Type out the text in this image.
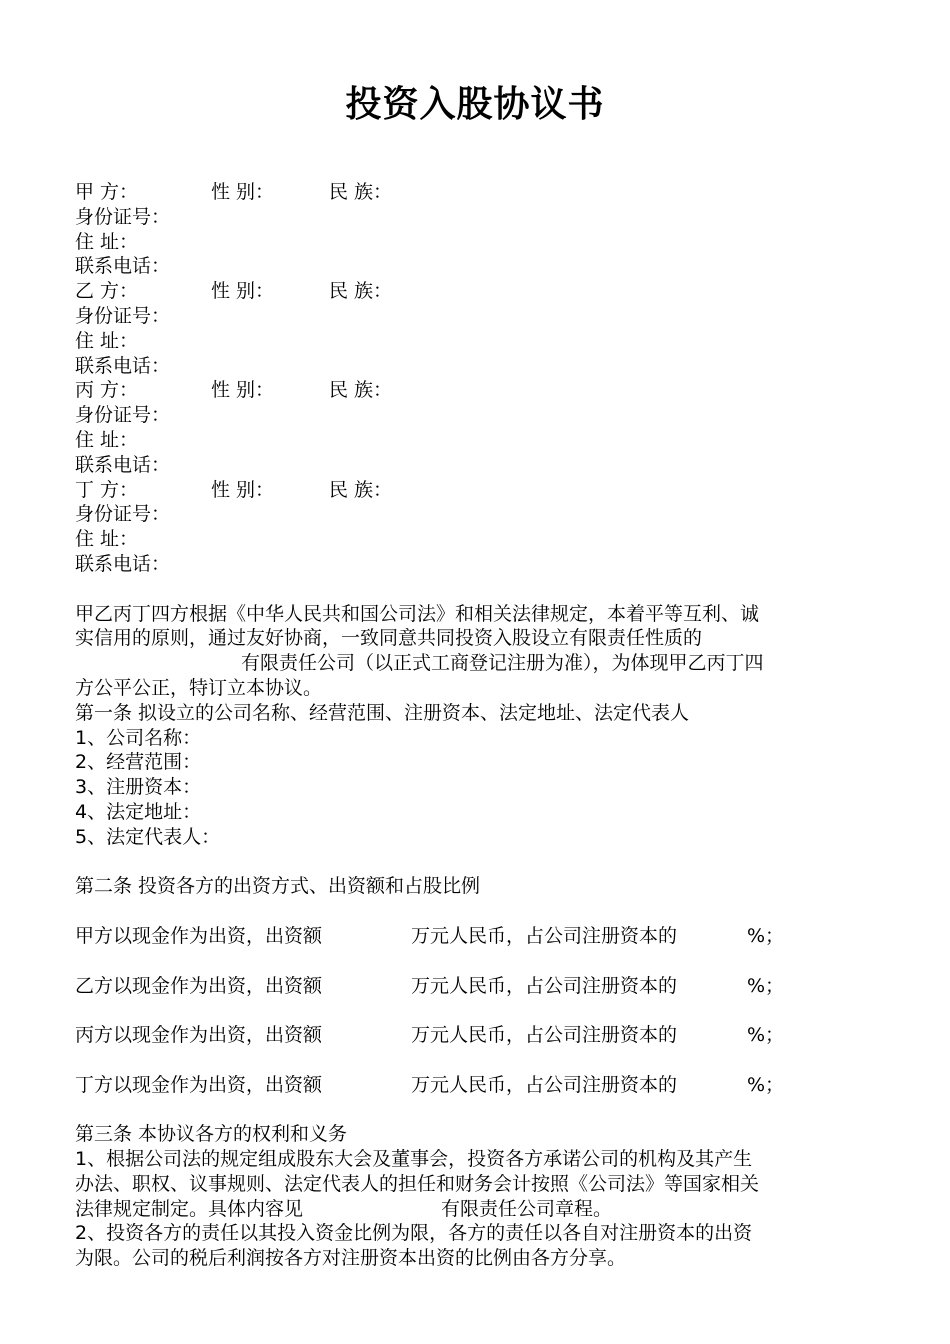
投资入股协议书
甲 方：	性 别：	民 族：
身份证号：
住 址：
联系电话：
乙 方：	性 别：	民 族：
身份证号：
住 址：
联系电话：
丙 方：	性 别：	民 族：
身份证号：
住 址：
联系电话：
丁 方：	性 别：	民 族：
身份证号：
住 址：
联系电话：
甲乙丙丁四方根据《中华人民共和国公司法》和相关法律规定，本着平等互利、诚
实信用的原则，通过友好协商，一致同意共同投资入股设立有限责任性质的
有限责任公司（以正式工商登记注册为准），为体现甲乙丙丁四
方公平公正，特订立本协议。
第一条 拟设立的公司名称、经营范围、注册资本、法定地址、法定代表人
1、公司名称：
2、经营范围：
3、注册资本：
4、法定地址：
5、法定代表人：
第二条 投资各方的出资方式、出资额和占股比例
甲方以现金作为出资，出资额	万元人民币，占公司注册资本的	%；
乙方以现金作为出资，出资额	万元人民币，占公司注册资本的	%；
丙方以现金作为出资，出资额	万元人民币，占公司注册资本的	%；
丁方以现金作为出资，出资额	万元人民币，占公司注册资本的	%；
第三条 本协议各方的权利和义务
1、根据公司法的规定组成股东大会及董事会，投资各方承诺公司的机构及其产生
办法、职权、议事规则、法定代表人的担任和财务会计按照《公司法》等国家相关
法律规定制定。具体内容见	有限责任公司章程。
2、投资各方的责任以其投入资金比例为限，各方的责任以各自对注册资本的出资
为限。公司的税后利润按各方对注册资本出资的比例由各方分享。
